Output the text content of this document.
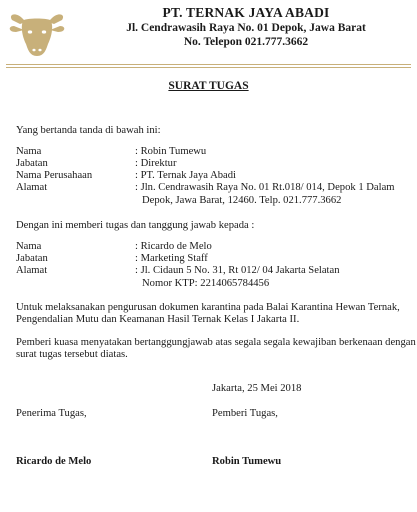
PT. TERNAK JAYA ABADI
Jl. Cendrawasih Raya No. 01 Depok, Jawa Barat
No. Telepon 021.777.3662
SURAT TUGAS
Yang bertanda tanda di bawah ini:
Nama	: Robin Tumewu
Jabatan	: Direktur
Nama Perusahaan	: PT. Ternak Jaya Abadi
Alamat	: Jln. Cendrawasih Raya No. 01 Rt.018/ 014, Depok 1 Dalam
Depok, Jawa Barat, 12460. Telp. 021.777.3662
Dengan ini memberi tugas dan tanggung jawab kepada :
Nama	: Ricardo de Melo
Jabatan	: Marketing Staff
Alamat	: Jl. Cidaun 5 No. 31, Rt 012/ 04 Jakarta Selatan
Nomor KTP: 2214065784456
Untuk melaksanakan pengurusan dokumen karantina pada Balai Karantina Hewan Ternak,
Pengendalian Mutu dan Keamanan Hasil Ternak Kelas I Jakarta II.
Pemberi kuasa menyatakan bertanggungjawab atas segala segala kewajiban berkenaan dengan
surat tugas tersebut diatas.
Jakarta, 25 Mei 2018
Penerima Tugas,	Pemberi Tugas,
Ricardo de Melo	Robin Tumewu
